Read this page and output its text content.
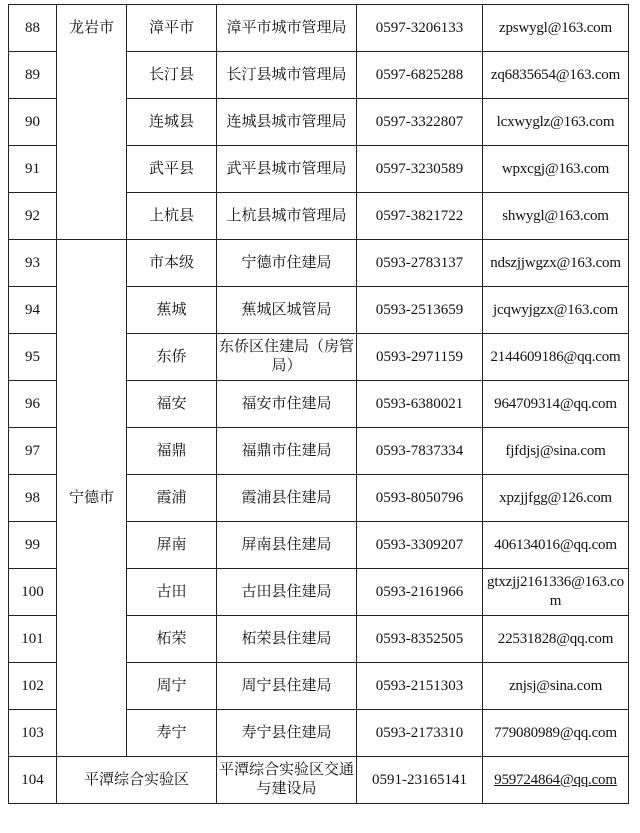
88	龙岩市	漳平市	漳平市城市管理局	0597-3206133	zpswygl@163.com
89		长汀县	长汀县城市管理局	0597-6825288	zq6835654@163.com
90		连城县	连城县城市管理局	0597-3322807	lcxwyglz@163.com
91		武平县	武平县城市管理局	0597-3230589	wpxcgj@163.com
92		上杭县	上杭县城市管理局	0597-3821722	shwygl@163.com
93	宁德市	市本级	宁德市住建局	0593-2783137	ndszjjwgzx@163.com
94		蕉城	蕉城区城管局	0593-2513659	jcqwyjgzx@163.com
95		东侨	东侨区住建局（房管局）	0593-2971159	2144609186@qq.com
96		福安	福安市住建局	0593-6380021	964709314@qq.com
97		福鼎	福鼎市住建局	0593-7837334	fjfdjsj@sina.com
98		霞浦	霞浦县住建局	0593-8050796	xpzjjfgg@126.com
99		屏南	屏南县住建局	0593-3309207	406134016@qq.com
100		古田	古田县住建局	0593-2161966	gtxzjj2161336@163.com
101		柘荣	柘荣县住建局	0593-8352505	22531828@qq.com
102		周宁	周宁县住建局	0593-2151303	znjsj@sina.com
103		寿宁	寿宁县住建局	0593-2173310	779080989@qq.com
104	平潭综合实验区		平潭综合实验区交通与建设局	0591-23165141	959724864@qq.com
